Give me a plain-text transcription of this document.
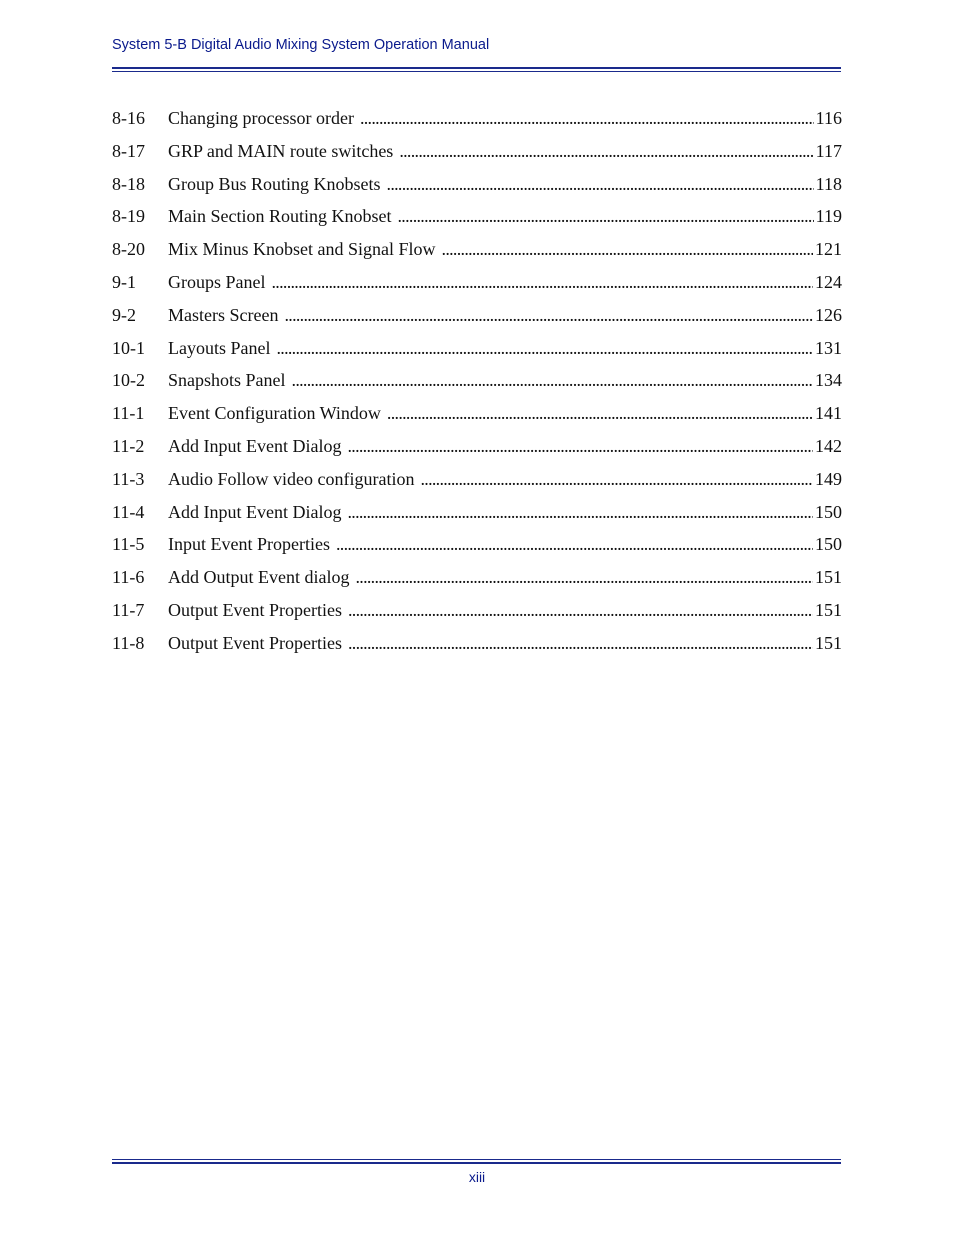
System 5-B Digital Audio Mixing System Operation Manual
8-16	Changing processor order . . .	116
8-17	GRP and MAIN route switches . . .	117
8-18	Group Bus Routing Knobsets . . .	118
8-19	Main Section Routing Knobset . . .	119
8-20	Mix Minus Knobset and Signal Flow . . .	121
9-1	Groups Panel . . .	124
9-2	Masters Screen . . .	126
10-1	Layouts Panel . . .	131
10-2	Snapshots Panel . . .	134
11-1	Event Configuration Window . . .	141
11-2	Add Input Event Dialog . . .	142
11-3	Audio Follow video configuration . . .	149
11-4	Add Input Event Dialog . . .	150
11-5	Input Event Properties . . .	150
11-6	Add Output Event dialog . . .	151
11-7	Output Event Properties . . .	151
11-8	Output Event Properties . . .	151
xiii
